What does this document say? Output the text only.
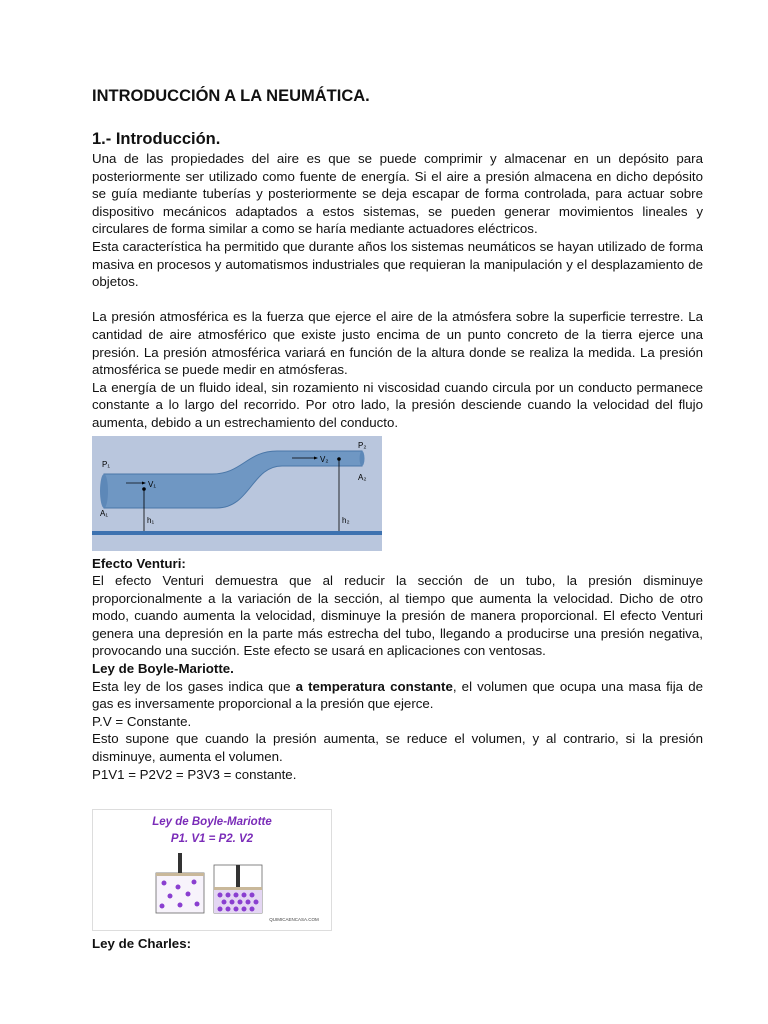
INTRODUCCIÓN A LA NEUMÁTICA.
1.- Introducción.

Una de las propiedades del aire es que se puede comprimir y almacenar en un depósito para posteriormente ser utilizado como fuente de energía. Si el aire a presión almacena en dicho depósito se guía mediante tuberías y posteriormente se deja escapar de forma controlada, para actuar sobre dispositivo mecánicos adaptados a estos sistemas, se pueden generar movimientos lineales y circulares de forma similar a como se haría mediante actuadores eléctricos.

Esta característica ha permitido que durante años los sistemas neumáticos se hayan utilizado de forma masiva en procesos y automatismos industriales que requieran la manipulación y el desplazamiento de objetos.

La presión atmosférica es la fuerza que ejerce el aire de la atmósfera sobre la superficie terrestre. La cantidad de aire atmosférico que existe justo encima de un punto concreto de la tierra ejerce una presión. La presión atmosférica variará en función de la altura donde se realiza la medida. La presión atmosférica se puede medir en atmósferas.

La energía de un fluido ideal, sin rozamiento ni viscosidad cuando circula por un conducto permanece constante a lo largo del recorrido. Por otro lado, la presión desciende cuando la velocidad del flujo aumenta, debido a un estrechamiento del conducto.

P₁
P₂
V₁
V₂
A₁
A₂
h₁	h₂
Efecto Venturi:

El efecto Venturi demuestra que al reducir la sección de un tubo, la presión disminuye proporcionalmente a la variación de la sección, al tiempo que aumenta la velocidad. Dicho de otro modo, cuando aumenta la velocidad, disminuye la presión de manera proporcional. El efecto Venturi genera una depresión en la parte más estrecha del tubo, llegando a producirse una presión negativa, provocando una succión. Este efecto se usará en aplicaciones con ventosas.

Ley de Boyle-Mariotte.

Esta ley de los gases indica que a temperatura constante, el volumen que ocupa una masa fija de gas es inversamente proporcional a la presión que ejerce.

P.V = Constante.

Esto supone que cuando la presión aumenta, se reduce el volumen, y al contrario, si la presión disminuye, aumenta el volumen.

P1V1 = P2V2 = P3V3 = constante.

Ley de Boyle-Mariotte
P1. V1 = P2. V2
QUIMICAENCASA.COM
Ley de Charles:
